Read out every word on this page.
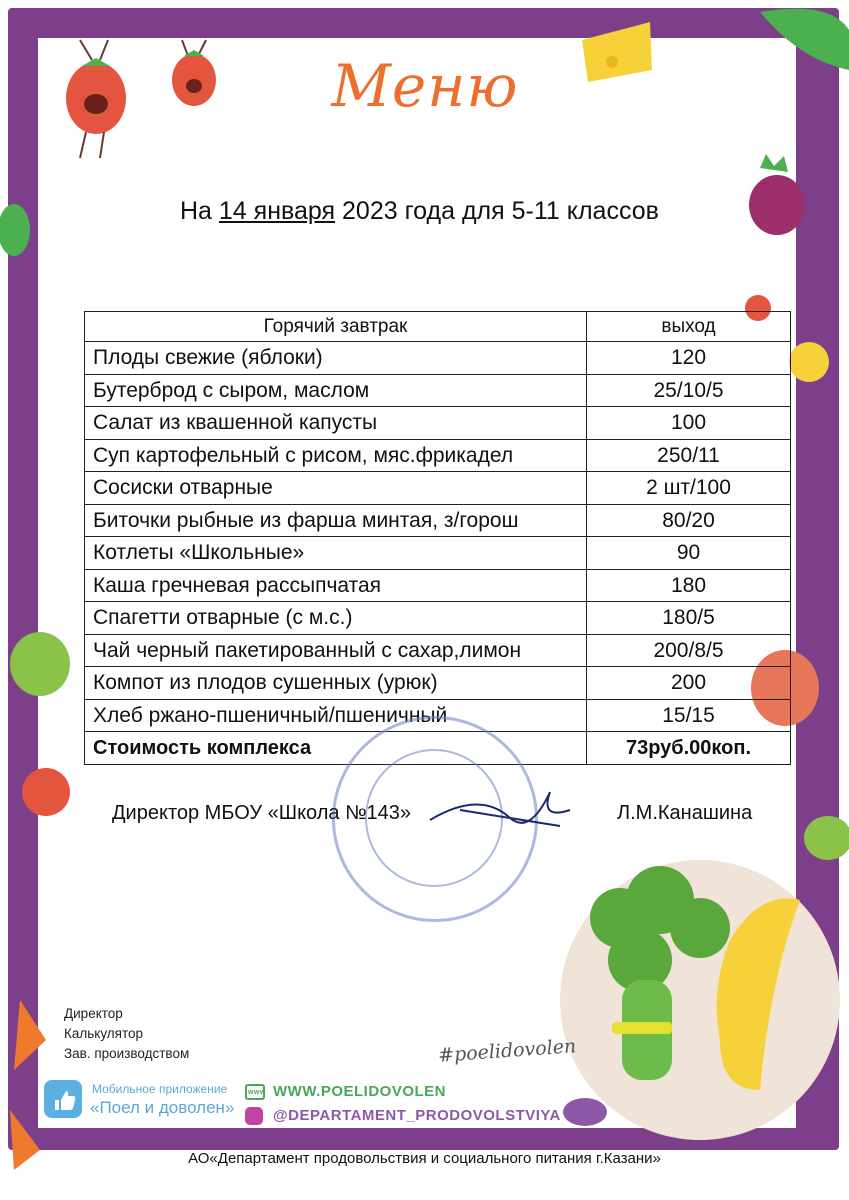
Меню
На 14 января 2023 года для 5-11 классов
Горячий завтрак	выход
Плоды свежие (яблоки)	120
Бутерброд с сыром, маслом	25/10/5
Салат из квашенной капусты	100
Суп картофельный с рисом, мяс.фрикадел	250/11
Сосиски отварные	2 шт/100
Биточки рыбные из фарша минтая, з/горош	80/20
Котлеты «Школьные»	90
Каша гречневая рассыпчатая	180
Спагетти отварные (с м.с.)	180/5
Чай черный пакетированный с сахар,лимон	200/8/5
Компот из плодов сушенных (урюк)	200
Хлеб ржано-пшеничный/пшеничный	15/15
Стоимость комплекса	73руб.00коп.
Директор МБОУ «Школа №143»	Л.М.Канашина
Директор
Калькулятор
Зав. производством	#poelidovolen
Мобильное приложение
«Поел и доволен»
$^{www}$ WWW.POELIDOVOLEN
@DEPARTAMENT_PRODOVOLSTVIYA
АО«Департамент продовольствия и социального питания г.Казани»
